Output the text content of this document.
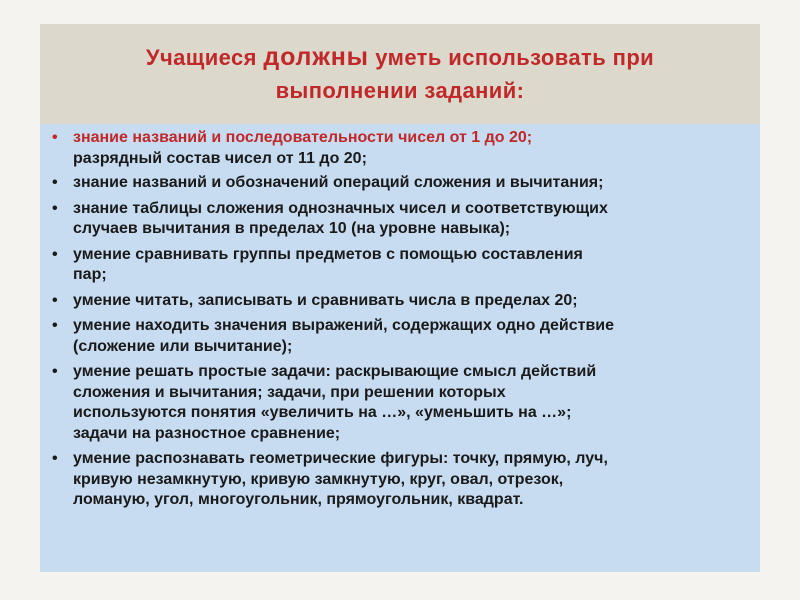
Учащиеся должны уметь использовать при
выполнении заданий:
• знание названий и последовательности чисел от 1 до 20;
разрядный состав чисел от 11 до 20;
• знание названий и обозначений операций сложения и вычитания;
• знание таблицы сложения однозначных чисел и соответствующих
случаев вычитания в пределах 10 (на уровне навыка);
• умение сравнивать группы предметов с помощью составления
пар;
• умение читать, записывать и сравнивать числа в пределах 20;
• умение находить значения выражений, содержащих одно действие
(сложение или вычитание);
• умение решать простые задачи: раскрывающие смысл действий
сложения и вычитания; задачи, при решении которых
используются понятия «увеличить на …», «уменьшить на …»;
задачи на разностное сравнение;
• умение распознавать геометрические фигуры: точку, прямую, луч,
кривую незамкнутую, кривую замкнутую, круг, овал, отрезок,
ломаную, угол, многоугольник, прямоугольник, квадрат.
